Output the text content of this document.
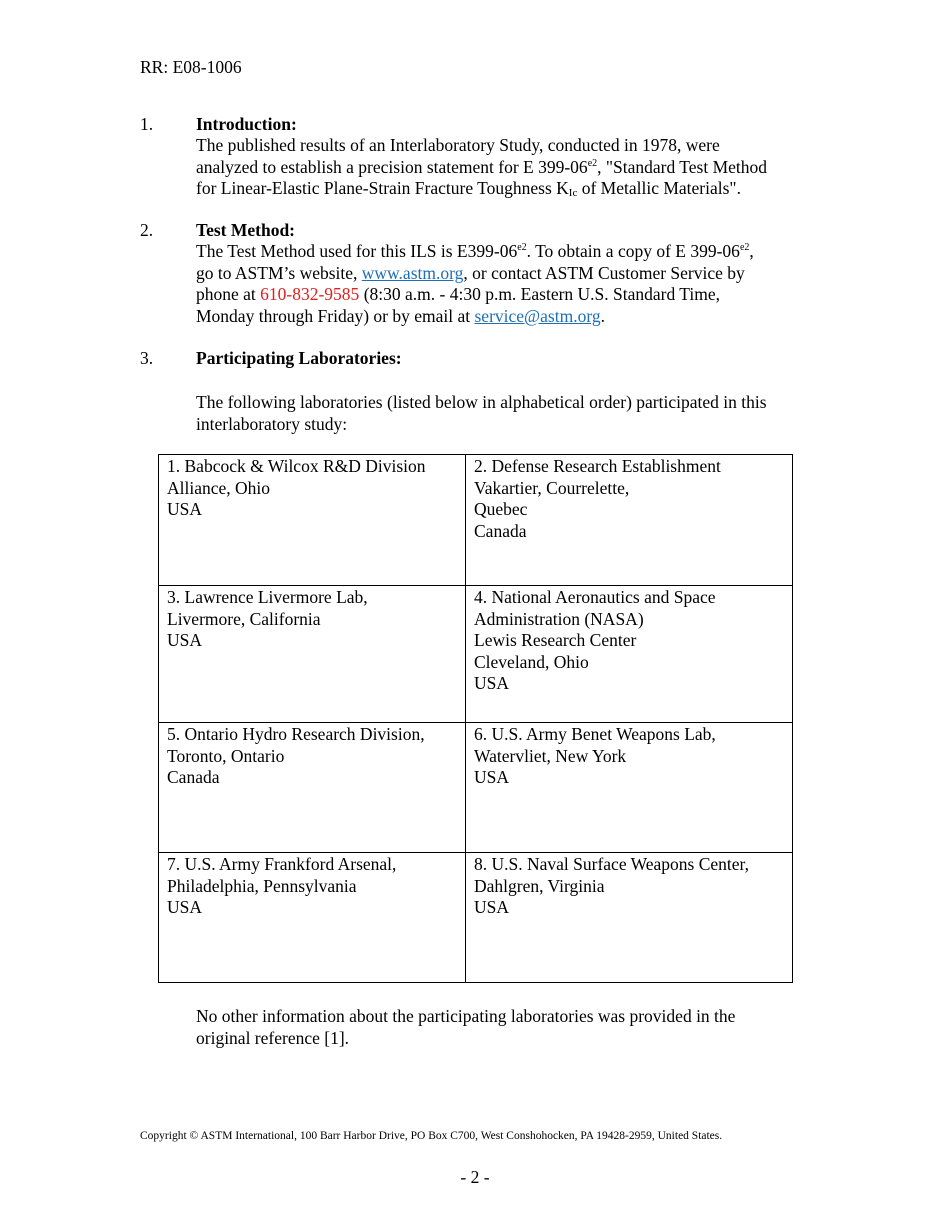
RR: E08-1006
1. Introduction:
The published results of an Interlaboratory Study, conducted in 1978, were
analyzed to establish a precision statement for E $399-06^{e2}$, "Standard Test Method
for Linear-Elastic Plane-Strain Fracture Toughness $K_{Ic}$ of Metallic Materials".
2. Test Method:
The Test Method used for this ILS is $E399-06^{e2}$. To obtain a copy of E $399-06^{e2}$,
go to ASTM’s website, www.astm.org, or contact ASTM Customer Service by
phone at 610-832-9585 (8:30 a.m. - 4:30 p.m. Eastern U.S. Standard Time,
Monday through Friday) or by email at service@astm.org.
3. Participating Laboratories:
The following laboratories (listed below in alphabetical order) participated in this
interlaboratory study:
1. Babcock & Wilcox R&D Division
Alliance, Ohio
USA	2. Defense Research Establishment
Vakartier, Courrelette,
Quebec
Canada

3. Lawrence Livermore Lab,
Livermore, California
USA	4. National Aeronautics and Space
Administration (NASA)
Lewis Research Center
Cleveland, Ohio
USA

5. Ontario Hydro Research Division,
Toronto, Ontario
Canada	6. U.S. Army Benet Weapons Lab,
Watervliet, New York
USA

7. U.S. Army Frankford Arsenal,
Philadelphia, Pennsylvania
USA	8. U.S. Naval Surface Weapons Center,
Dahlgren, Virginia
USA
No other information about the participating laboratories was provided in the
original reference [1].
Copyright © ASTM International, 100 Barr Harbor Drive, PO Box C700, West Conshohocken, PA 19428-2959, United States.
- 2 -
